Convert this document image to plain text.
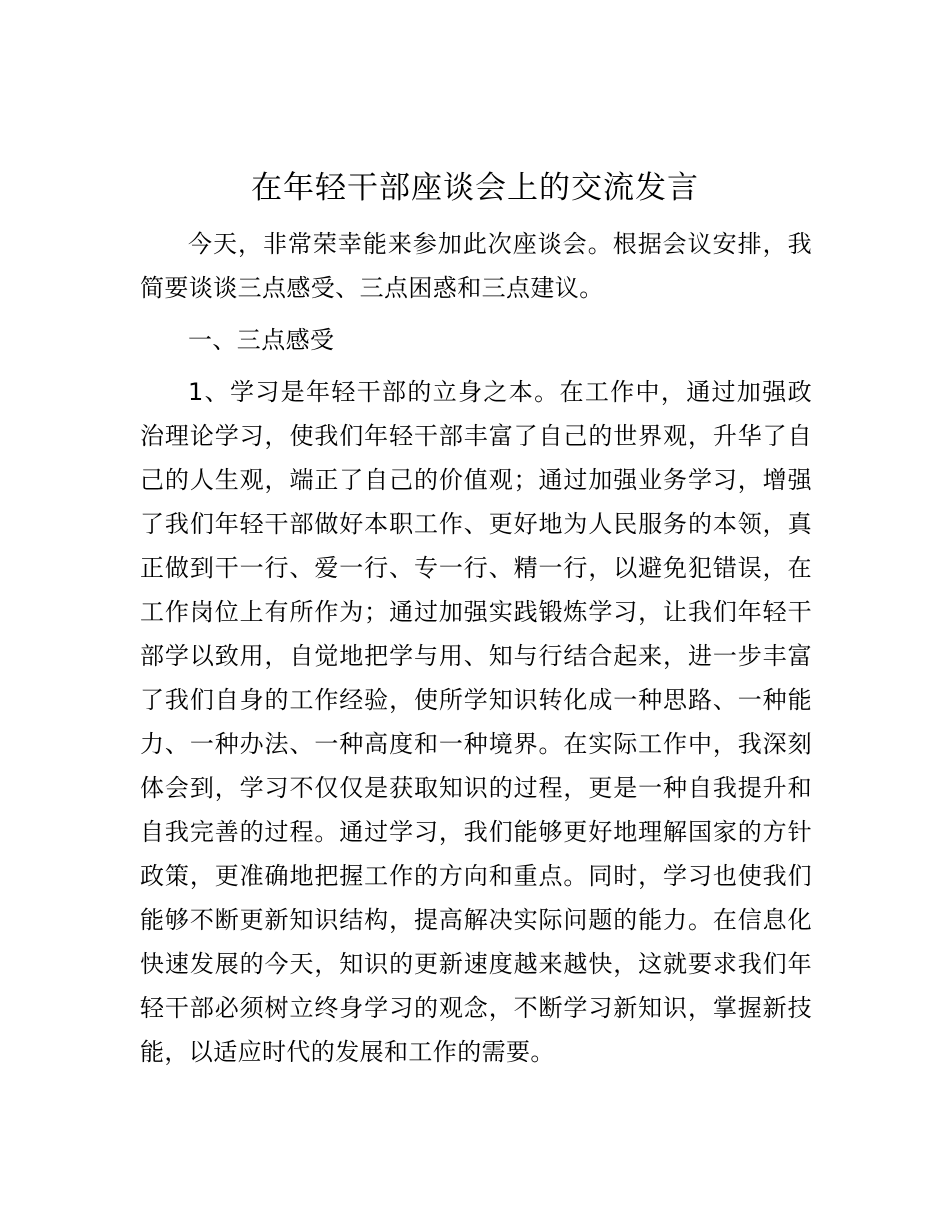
在年轻干部座谈会上的交流发言

今天，非常荣幸能来参加此次座谈会。根据会议安排，我简要谈谈三点感受、三点困惑和三点建议。

一、三点感受

1、学习是年轻干部的立身之本。在工作中，通过加强政治理论学习，使我们年轻干部丰富了自己的世界观，升华了自己的人生观，端正了自己的价值观；通过加强业务学习，增强了我们年轻干部做好本职工作、更好地为人民服务的本领，真正做到干一行、爱一行、专一行、精一行，以避免犯错误，在工作岗位上有所作为；通过加强实践锻炼学习，让我们年轻干部学以致用，自觉地把学与用、知与行结合起来，进一步丰富了我们自身的工作经验，使所学知识转化成一种思路、一种能力、一种办法、一种高度和一种境界。在实际工作中，我深刻体会到，学习不仅仅是获取知识的过程，更是一种自我提升和自我完善的过程。通过学习，我们能够更好地理解国家的方针政策，更准确地把握工作的方向和重点。同时，学习也使我们能够不断更新知识结构，提高解决实际问题的能力。在信息化快速发展的今天，知识的更新速度越来越快，这就要求我们年轻干部必须树立终身学习的观念，不断学习新知识，掌握新技能，以适应时代的发展和工作的需要。
